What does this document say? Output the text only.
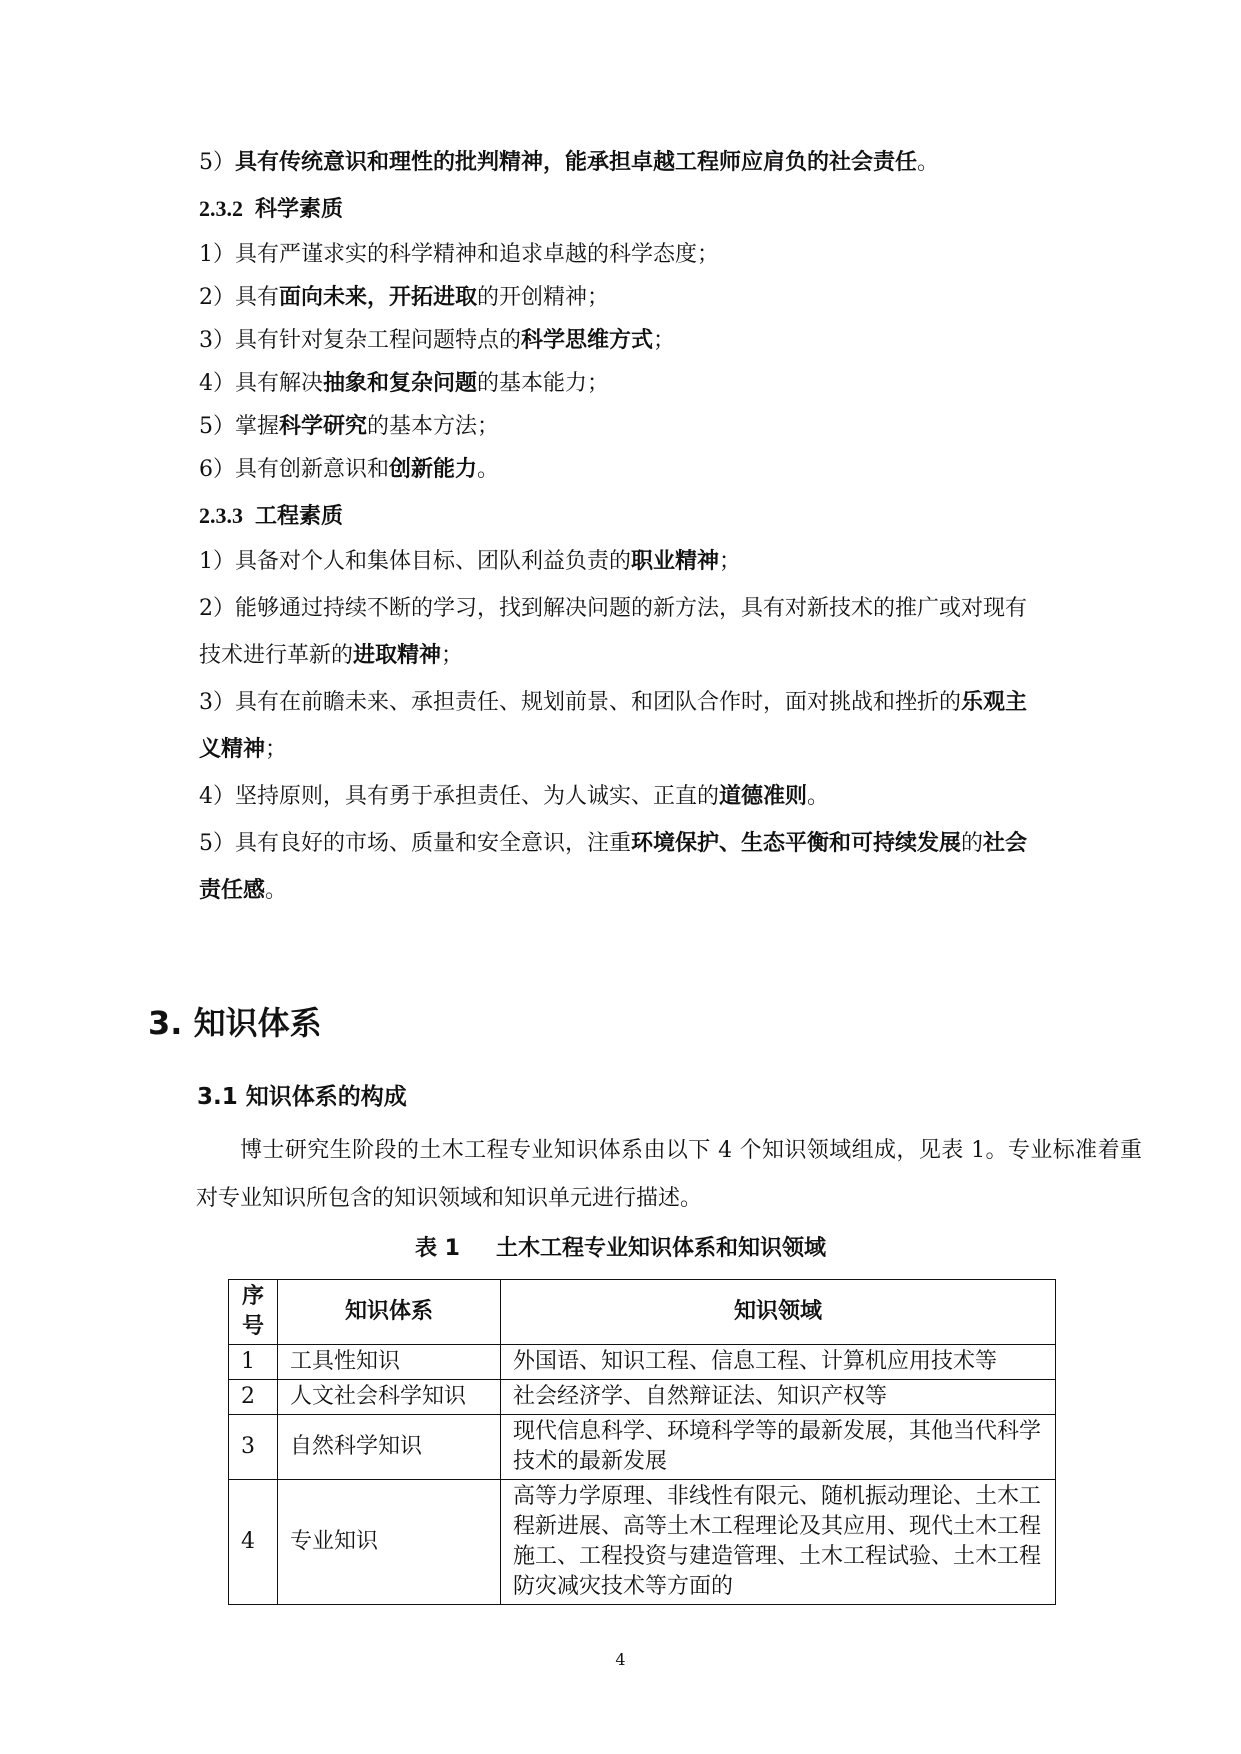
5）具有传统意识和理性的批判精神，能承担卓越工程师应肩负的社会责任。
2.3.2 科学素质
1）具有严谨求实的科学精神和追求卓越的科学态度；
2）具有面向未来，开拓进取的开创精神；
3）具有针对复杂工程问题特点的科学思维方式；
4）具有解决抽象和复杂问题的基本能力；
5）掌握科学研究的基本方法；
6）具有创新意识和创新能力。
2.3.3 工程素质
1）具备对个人和集体目标、团队利益负责的职业精神；
2）能够通过持续不断的学习，找到解决问题的新方法，具有对新技术的推广或对现有
技术进行革新的进取精神；
3）具有在前瞻未来、承担责任、规划前景、和团队合作时，面对挑战和挫折的乐观主
义精神；
4）坚持原则，具有勇于承担责任、为人诚实、正直的道德准则。
5）具有良好的市场、质量和安全意识，注重环境保护、生态平衡和可持续发展的社会
责任感。
3. 知识体系
3.1 知识体系的构成
博士研究生阶段的土木工程专业知识体系由以下 4 个知识领域组成，见表 1。专业标准着重对专业知识所包含的知识领域和知识单元进行描述。
表 1 土木工程专业知识体系和知识领域
序号	知识体系	知识领域
1	工具性知识	外国语、知识工程、信息工程、计算机应用技术等
2	人文社会科学知识	社会经济学、自然辩证法、知识产权等
3	自然科学知识	现代信息科学、环境科学等的最新发展，其他当代科学技术的最新发展
4	专业知识	高等力学原理、非线性有限元、随机振动理论、土木工程新进展、高等土木工程理论及其应用、现代土木工程施工、工程投资与建造管理、土木工程试验、土木工程防灾减灾技术等方面的
4
